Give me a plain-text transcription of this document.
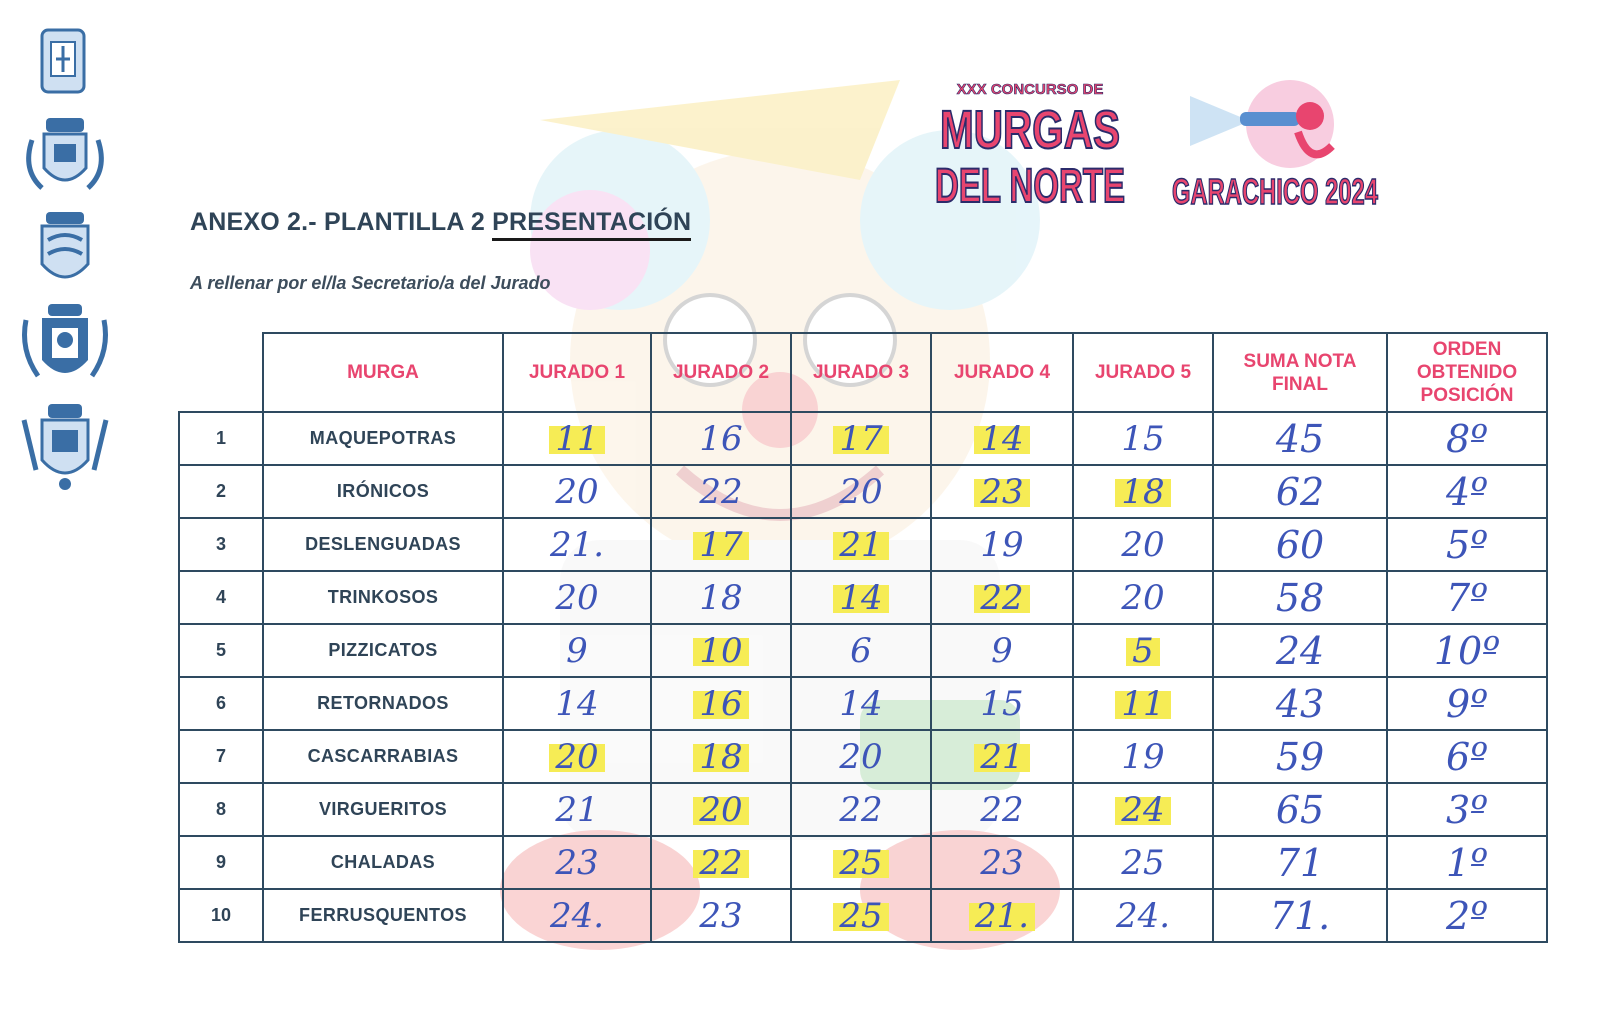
XXX CONCURSO DE
MURGAS
DEL NORTE GARACHICO 2024
ANEXO 2.- PLANTILLA 2 PRESENTACIÓN
A rellenar por el/la Secretario/a del Jurado
	MURGA	JURADO 1	JURADO 2	JURADO 3	JURADO 4	JURADO 5	SUMA NOTA FINAL	ORDEN OBTENIDO POSICIÓN
1	MAQUEPOTRAS	11	16	17	14	15	45	8º
2	IRÓNICOS	20	22	20	23	18	62	4º
3	DESLENGUADAS	21.	17	21	19	20	60	5º
4	TRINKOSOS	20	18	14	22	20	58	7º
5	PIZZICATOS	9	10	6	9	5	24	10º
6	RETORNADOS	14	16	14	15	11	43	9º
7	CASCARRABIAS	20	18	20	21	19	59	6º
8	VIRGUERITOS	21	20	22	22	24	65	3º
9	CHALADAS	23	22	25	23	25	71	1º
10	FERRUSQUENTOS	24.	23	25	21.	24.	71.	2º
